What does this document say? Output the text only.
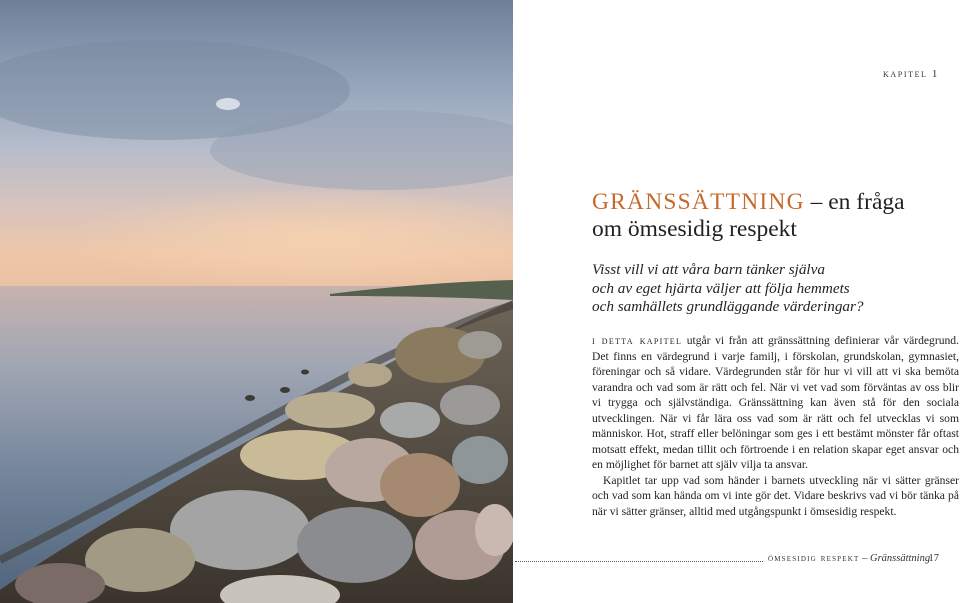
kapitel 1
GRÄNSSÄTTNING – en fråga
om ömsesidig respekt

Visst vill vi att våra barn tänker själva
och av eget hjärta väljer att följa hemmets
och samhällets grundläggande värderingar?

i detta kapitel utgår vi från att gränssättning definierar vår värdegrund. Det finns en värdegrund i varje familj, i förskolan, grundskolan, gymnasiet, föreningar och så vidare. Värdegrunden står för hur vi vill att vi ska bemöta varandra och vad som är rätt och fel. När vi vet vad som förväntas av oss blir vi trygga och självständiga. Gränssättning kan även stå för den sociala utvecklingen. När vi får lära oss vad som är rätt och fel utvecklas vi som människor. Hot, straff eller belöningar som ges i ett bestämt mönster får oftast motsatt effekt, medan tillit och förtroende i en relation skapar eget ansvar och en möjlighet för barnet att själv vilja ta ansvar.

Kapitlet tar upp vad som händer i barnets utveckling när vi sätter gränser och vad som kan hända om vi inte gör det. Vidare beskrivs vad vi bör tänka på när vi sätter gränser, alltid med utgångspunkt i ömsesidig respekt.

ömsesidig respekt – Gränssättning
17
